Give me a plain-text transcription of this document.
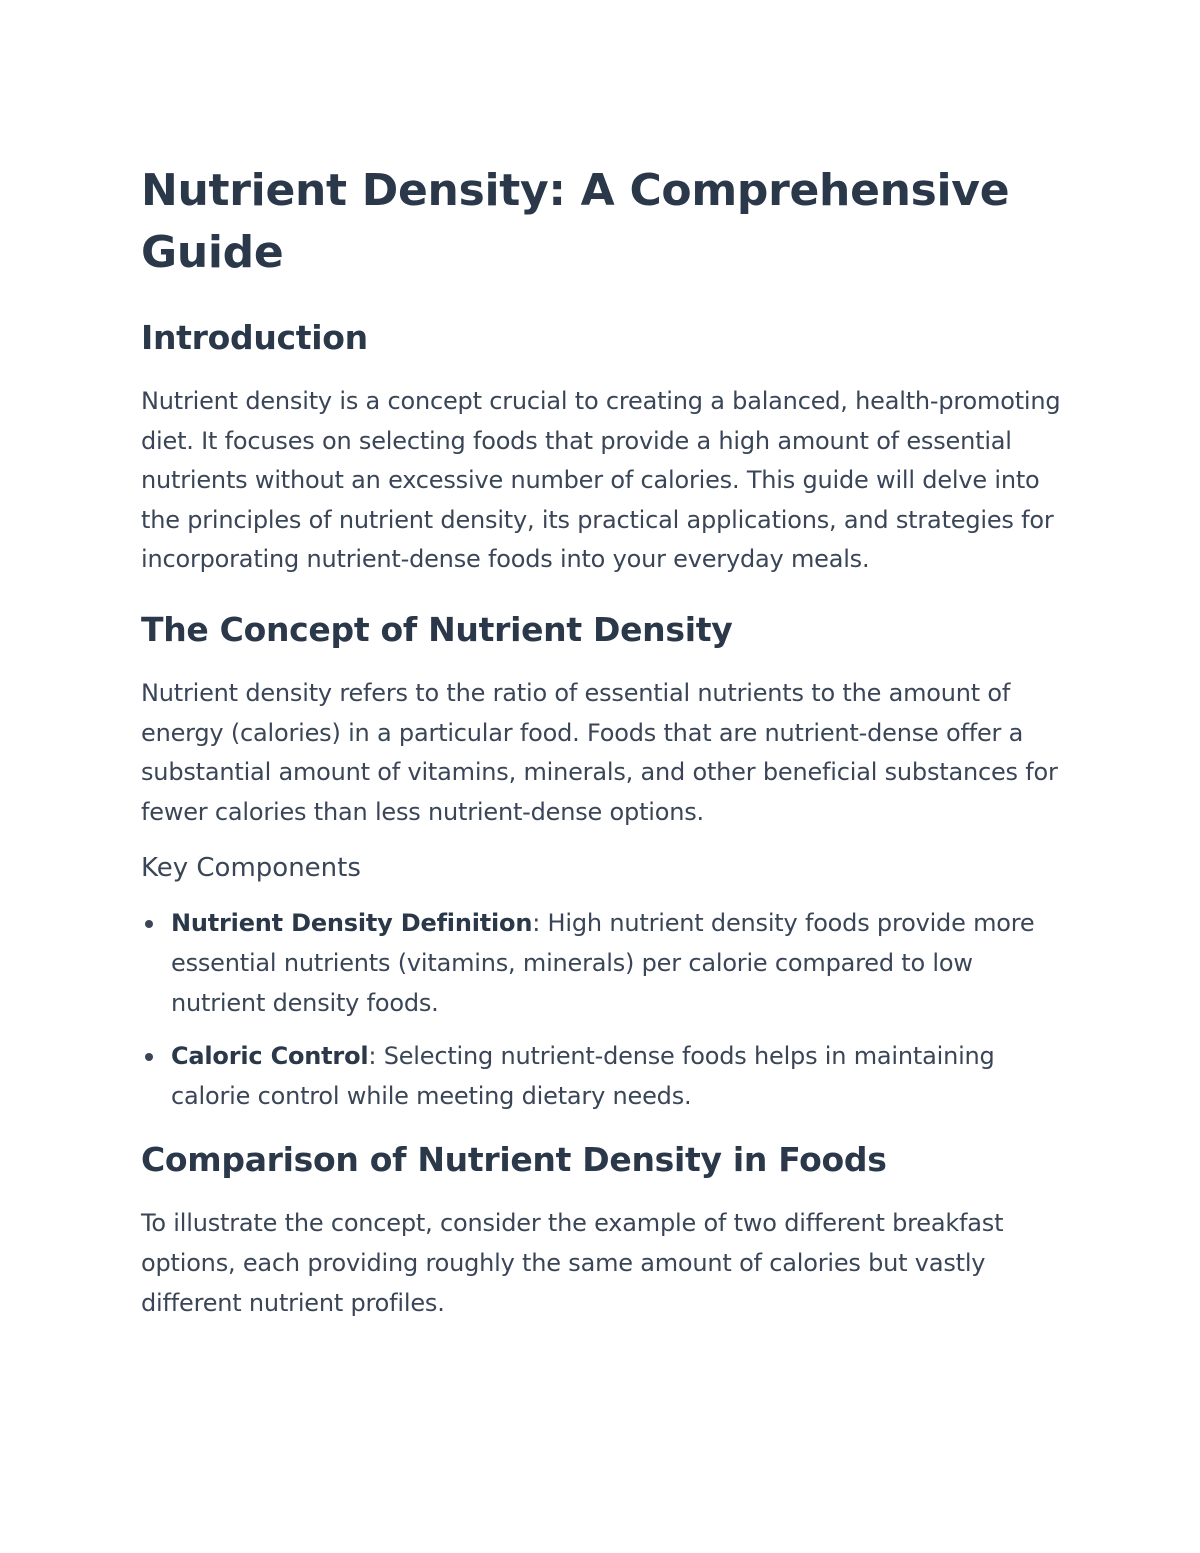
Nutrient Density: A Comprehensive Guide
Introduction

Nutrient density is a concept crucial to creating a balanced, health-promoting diet. It focuses on selecting foods that provide a high amount of essential nutrients without an excessive number of calories. This guide will delve into the principles of nutrient density, its practical applications, and strategies for incorporating nutrient-dense foods into your everyday meals.

The Concept of Nutrient Density

Nutrient density refers to the ratio of essential nutrients to the amount of energy (calories) in a particular food. Foods that are nutrient-dense offer a substantial amount of vitamins, minerals, and other beneficial substances for fewer calories than less nutrient-dense options.

Key Components
Nutrient Density Definition: High nutrient density foods provide more essential nutrients (vitamins, minerals) per calorie compared to low nutrient density foods.
Caloric Control: Selecting nutrient-dense foods helps in maintaining calorie control while meeting dietary needs.
Comparison of Nutrient Density in Foods

To illustrate the concept, consider the example of two different breakfast options, each providing roughly the same amount of calories but vastly different nutrient profiles.
